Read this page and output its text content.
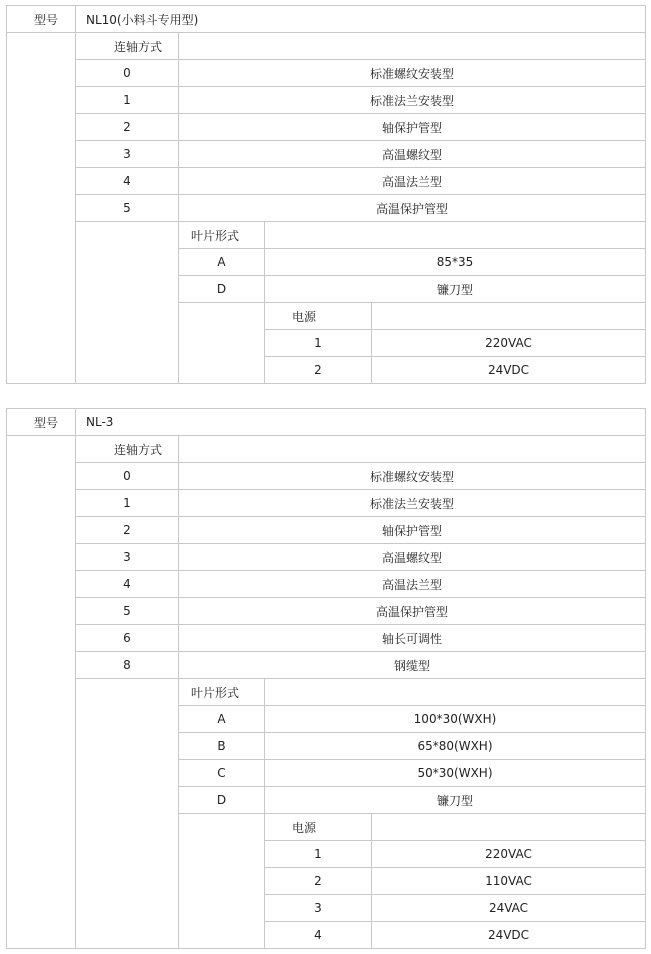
型号	NL10(小料斗专用型)			
	连轴方式			
	0	标准螺纹安装型		
	1	标准法兰安装型		
	2	轴保护管型		
	3	高温螺纹型		
	4	高温法兰型		
	5	高温保护管型		
		叶片形式		
		A	85*35	
		D	镰刀型	
			电源	
			1	220VAC
			2	24VDC
型号	NL-3			
	连轴方式			
	0	标准螺纹安装型		
	1	标准法兰安装型		
	2	轴保护管型		
	3	高温螺纹型		
	4	高温法兰型		
	5	高温保护管型		
	6	轴长可调性		
	8	钢缆型		
		叶片形式		
		A	100*30(WXH)	
		B	65*80(WXH)	
		C	50*30(WXH)	
		D	镰刀型	
			电源	
			1	220VAC
			2	110VAC
			3	24VAC
			4	24VDC
